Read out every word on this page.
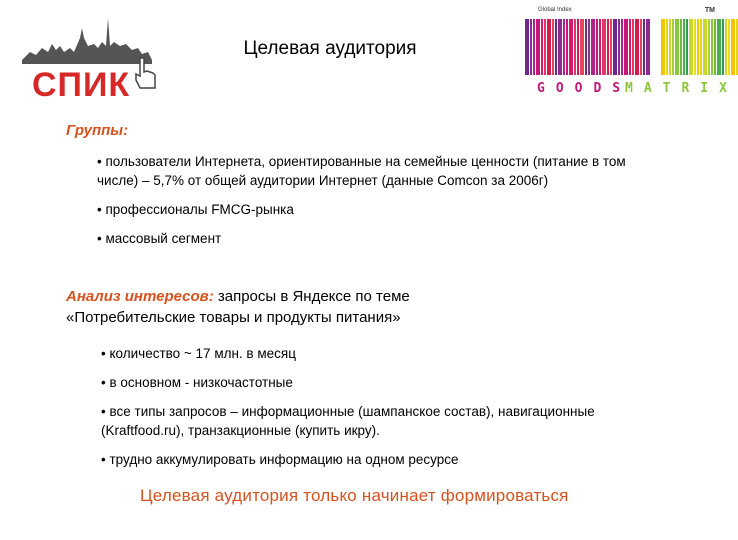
СПИК
Целевая аудитория
Global Index	TM
GOODS
MATRIX
Группы:
• пользователи Интернета, ориентированные на семейные ценности (питание в том числе) – 5,7% от общей аудитории Интернет (данные Comcon за 2006г)
• профессионалы FMCG-рынка
• массовый сегмент
Анализ интересов: запросы в Яндексе по теме
«Потребительские товары и продукты питания»
• количество ~ 17 млн. в месяц
• в основном - низкочастотные
• все типы запросов – информационные (шампанское состав), навигационные (Kraftfood.ru), транзакционные (купить икру).
• трудно аккумулировать информацию на одном ресурсе
Целевая аудитория только начинает формироваться
